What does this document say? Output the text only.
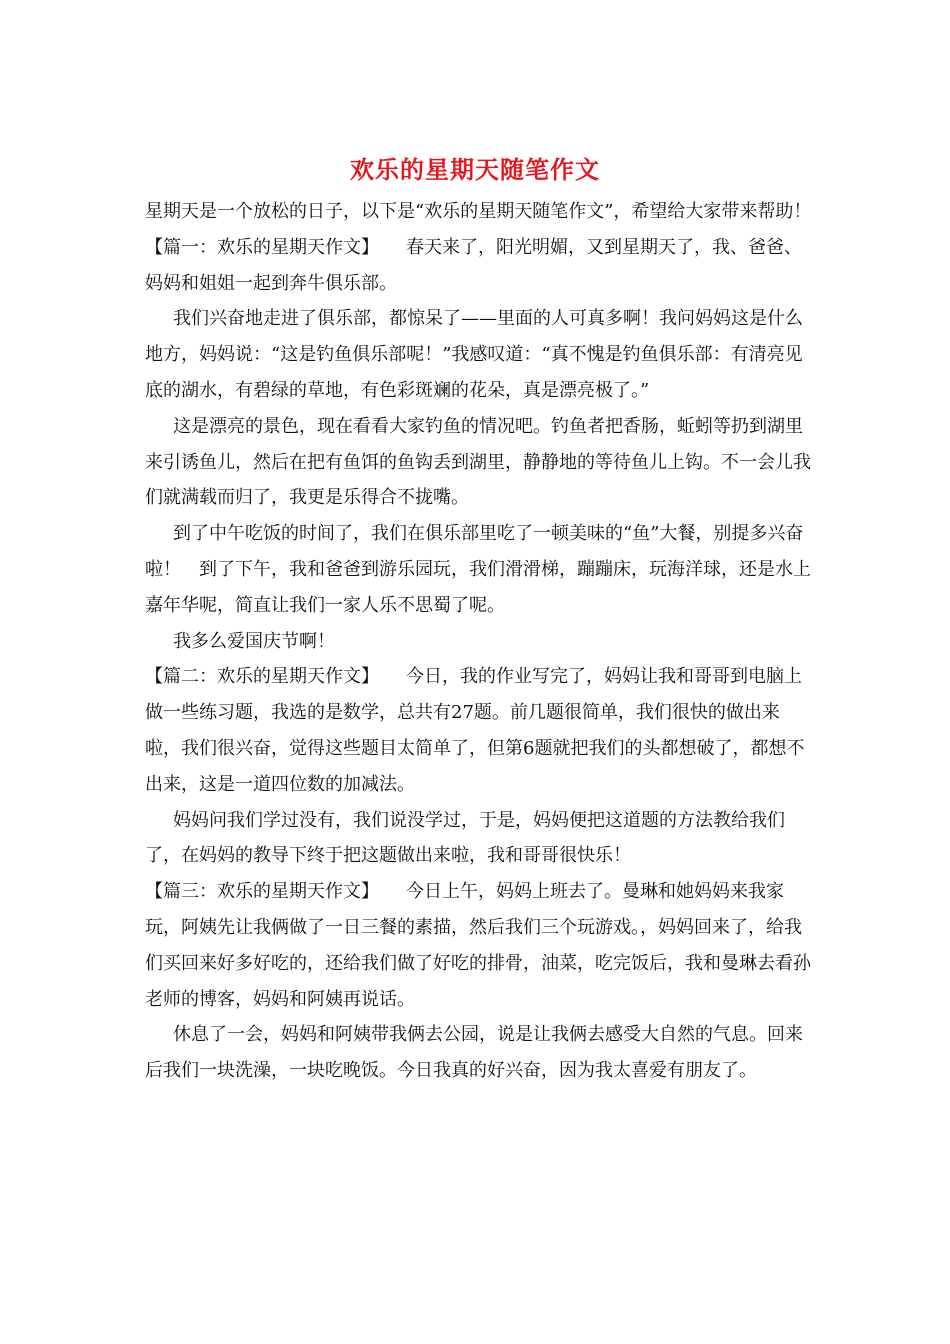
欢乐的星期天随笔作文

星期天是一个放松的日子，以下是“欢乐的星期天随笔作文”，希望给大家带来帮助！

【篇一：欢乐的星期天作文】　　春天来了，阳光明媚，又到星期天了，我、爸爸、妈妈和姐姐一起到奔牛俱乐部。

我们兴奋地走进了俱乐部，都惊呆了——里面的人可真多啊！我问妈妈这是什么地方，妈妈说：“这是钓鱼俱乐部呢！”我感叹道：“真不愧是钓鱼俱乐部：有清亮见底的湖水，有碧绿的草地，有色彩斑斓的花朵，真是漂亮极了。”

这是漂亮的景色，现在看看大家钓鱼的情况吧。钓鱼者把香肠，蚯蚓等扔到湖里来引诱鱼儿，然后在把有鱼饵的鱼钩丢到湖里，静静地的等待鱼儿上钩。不一会儿我们就满载而归了，我更是乐得合不拢嘴。

到了中午吃饭的时间了，我们在俱乐部里吃了一顿美味的“鱼”大餐，别提多兴奋啦！　到了下午，我和爸爸到游乐园玩，我们滑滑梯，蹦蹦床，玩海洋球，还是水上嘉年华呢，简直让我们一家人乐不思蜀了呢。

我多么爱国庆节啊！

【篇二：欢乐的星期天作文】　　今日，我的作业写完了，妈妈让我和哥哥到电脑上做一些练习题，我选的是数学，总共有27题。前几题很简单，我们很快的做出来啦，我们很兴奋，觉得这些题目太简单了，但第6题就把我们的头都想破了，都想不出来，这是一道四位数的加减法。

妈妈问我们学过没有，我们说没学过，于是，妈妈便把这道题的方法教给我们了，在妈妈的教导下终于把这题做出来啦，我和哥哥很快乐！

【篇三：欢乐的星期天作文】　　今日上午，妈妈上班去了。曼琳和她妈妈来我家玩，阿姨先让我俩做了一日三餐的素描，然后我们三个玩游戏。，妈妈回来了，给我们买回来好多好吃的，还给我们做了好吃的排骨，油菜，吃完饭后，我和曼琳去看孙老师的博客，妈妈和阿姨再说话。

休息了一会，妈妈和阿姨带我俩去公园，说是让我俩去感受大自然的气息。回来后我们一块洗澡，一块吃晚饭。今日我真的好兴奋，因为我太喜爱有朋友了。
